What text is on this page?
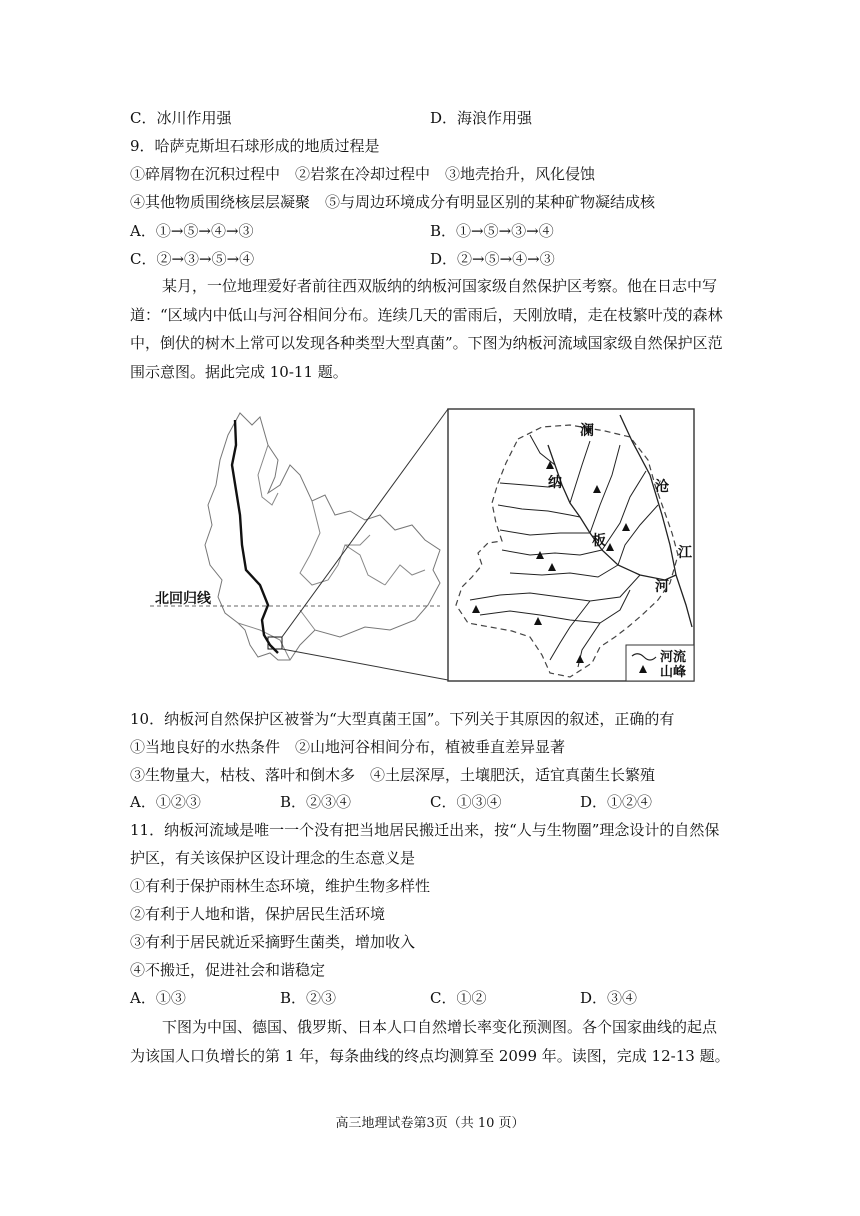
C．冰川作用强	D．海浪作用强
9．哈萨克斯坦石球形成的地质过程是
①碎屑物在沉积过程中　②岩浆在冷却过程中　③地壳抬升，风化侵蚀
④其他物质围绕核层层凝聚　⑤与周边环境成分有明显区别的某种矿物凝结成核
A．①→⑤→④→③	B．①→⑤→③→④
C．②→③→⑤→④	D．②→⑤→④→③
某月，一位地理爱好者前往西双版纳的纳板河国家级自然保护区考察。他在日志中写
道：“区域内中低山与河谷相间分布。连续几天的雷雨后，天刚放晴，走在枝繁叶茂的森林
中，倒伏的树木上常可以发现各种类型大型真菌”。下图为纳板河流域国家级自然保护区范
围示意图。据此完成 10-11 题。
北回归线
澜
沧
江
河
纳
板
河流
山峰
10．纳板河自然保护区被誉为“大型真菌王国”。下列关于其原因的叙述，正确的有
①当地良好的水热条件　②山地河谷相间分布，植被垂直差异显著
③生物量大，枯枝、落叶和倒木多　④土层深厚，土壤肥沃，适宜真菌生长繁殖
A．①②③	B．②③④	C．①③④	D．①②④
11．纳板河流域是唯一一个没有把当地居民搬迁出来，按“人与生物圈”理念设计的自然保
护区，有关该保护区设计理念的生态意义是
①有利于保护雨林生态环境，维护生物多样性
②有利于人地和谐，保护居民生活环境
③有利于居民就近采摘野生菌类，增加收入
④不搬迁，促进社会和谐稳定
A．①③	B．②③	C．①②	D．③④
下图为中国、德国、俄罗斯、日本人口自然增长率变化预测图。各个国家曲线的起点
为该国人口负增长的第 1 年，每条曲线的终点均测算至 2099 年。读图，完成 12-13 题。
高三地理试卷第3页（共 10 页）
